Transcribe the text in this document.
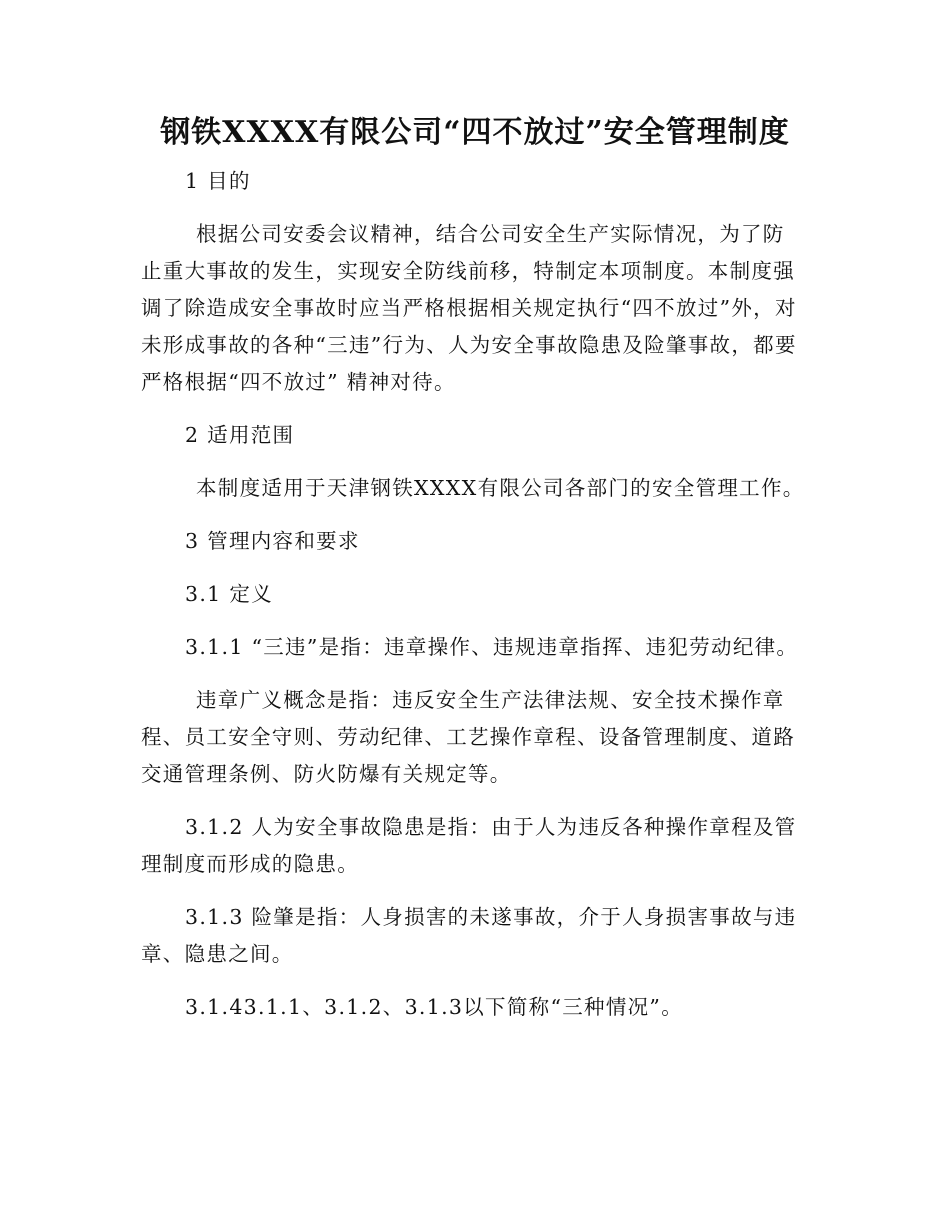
钢铁XXXX有限公司“四不放过”安全管理制度
1 目的
根据公司安委会议精神，结合公司安全生产实际情况，为了防止重大事故的发生，实现安全防线前移，特制定本项制度。本制度强调了除造成安全事故时应当严格根据相关规定执行“四不放过”外，对未形成事故的各种“三违”行为、人为安全事故隐患及险肇事故，都要严格根据“四不放过” 精神对待。
2 适用范围
本制度适用于天津钢铁XXXX有限公司各部门的安全管理工作。
3 管理内容和要求
3.1 定义
3.1.1 “三违”是指：违章操作、违规违章指挥、违犯劳动纪律。
违章广义概念是指：违反安全生产法律法规、安全技术操作章程、员工安全守则、劳动纪律、工艺操作章程、设备管理制度、道路交通管理条例、防火防爆有关规定等。
3.1.2 人为安全事故隐患是指：由于人为违反各种操作章程及管理制度而形成的隐患。
3.1.3 险肇是指：人身损害的未遂事故，介于人身损害事故与违章、隐患之间。
3.1.43.1.1、3.1.2、3.1.3以下简称“三种情况”。
